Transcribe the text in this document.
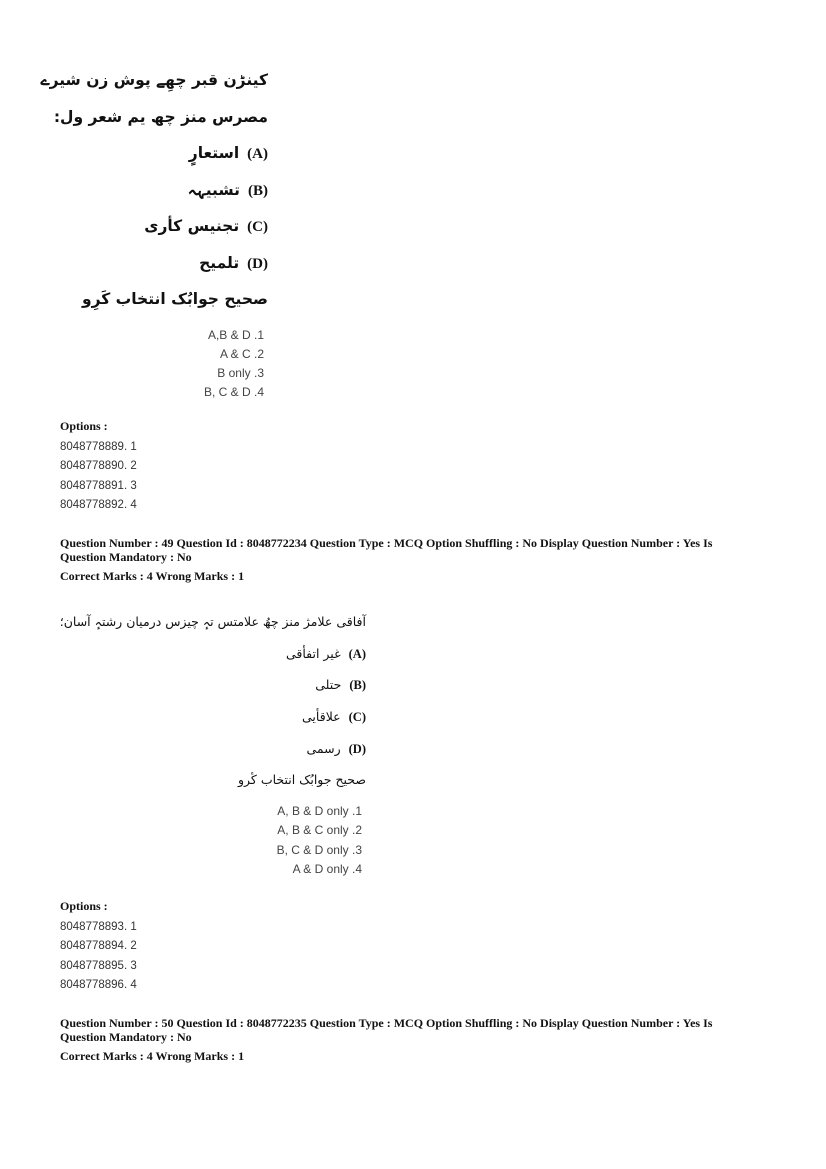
كينڑن قبر چھِے پوش زن شيرے
مصرس منز چھ یم شعر ول:
(A)استعارٍ
(B)تشبیہہ
(C)تجنیس کأری
(D)تلمیح
صحیح جوابُک انتخاب کَرِو
A,B & D .1
A & C .2
B only .3
B, C & D .4
Options :
8048778889. 1
8048778890. 2
8048778891. 3
8048778892. 4
Question Number : 49 Question Id : 8048772234 Question Type : MCQ Option Shuffling : No Display Question Number : Yes Is Question Mandatory : No
Correct Marks : 4 Wrong Marks : 1
آفاقی علامژ منز چھُ علامتس تہٕ چیزس درمیان رشتہٕ آسان؛
(A)غیر اتفأقی
(B)حتلی
(C)علاقأیی
(D)رسمی
صحیح جوابُک انتخاب کٔرو
A, B & D only .1
A, B & C only .2
B, C & D only .3
A & D only .4
Options :
8048778893. 1
8048778894. 2
8048778895. 3
8048778896. 4
Question Number : 50 Question Id : 8048772235 Question Type : MCQ Option Shuffling : No Display Question Number : Yes Is Question Mandatory : No
Correct Marks : 4 Wrong Marks : 1
